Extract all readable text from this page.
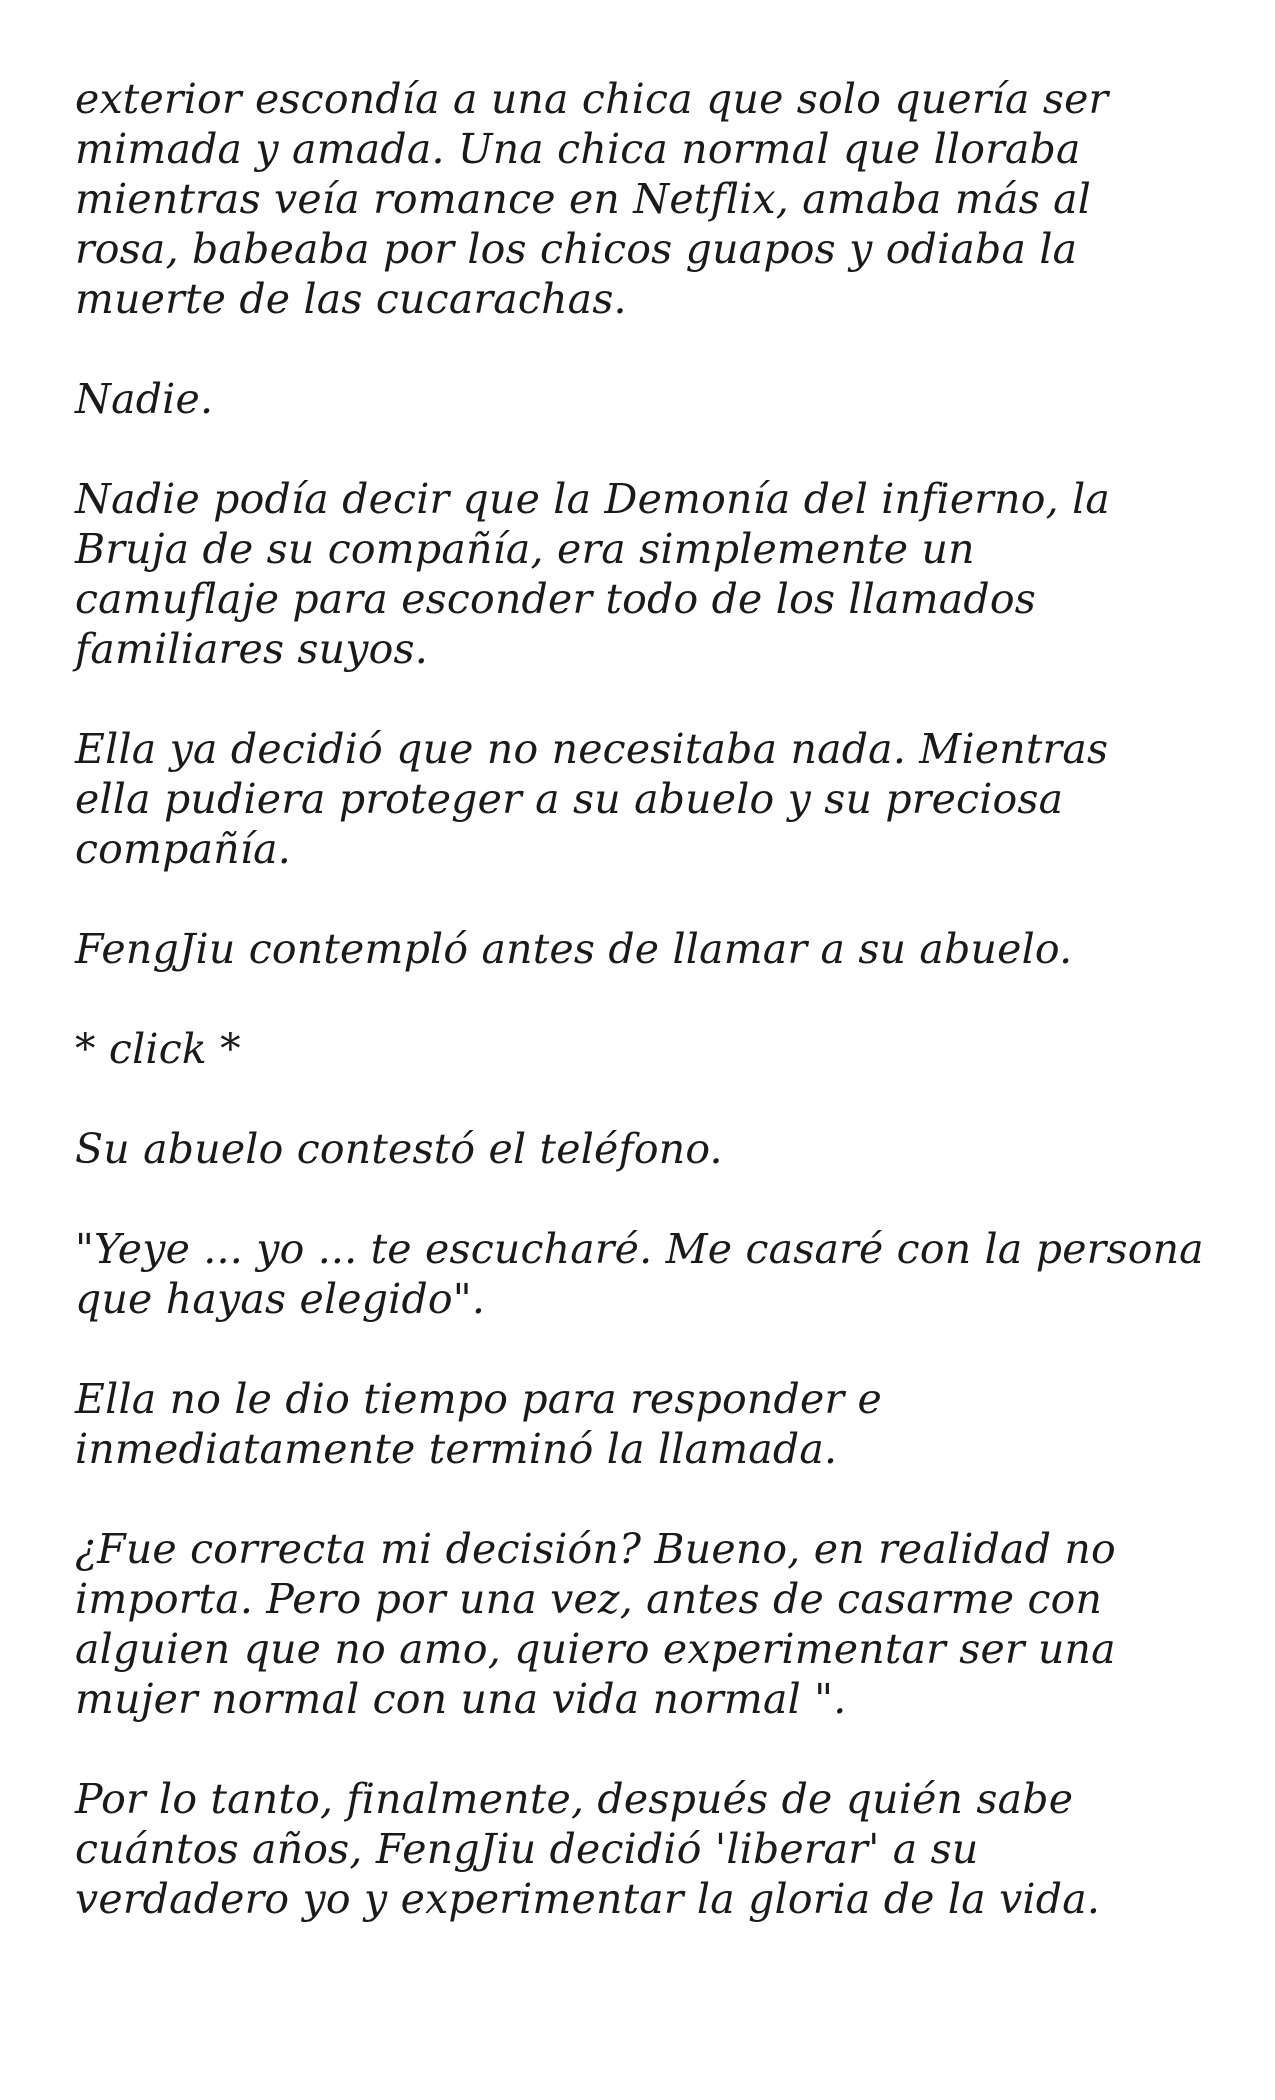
exterior escondía a una chica que solo quería ser
mimada y amada. Una chica normal que lloraba
mientras veía romance en Netflix, amaba más al
rosa, babeaba por los chicos guapos y odiaba la
muerte de las cucarachas.

Nadie.

Nadie podía decir que la Demonía del infierno, la
Bruja de su compañía, era simplemente un
camuflaje para esconder todo de los llamados
familiares suyos.

Ella ya decidió que no necesitaba nada. Mientras
ella pudiera proteger a su abuelo y su preciosa
compañía.

FengJiu contempló antes de llamar a su abuelo.

* click *

Su abuelo contestó el teléfono.

"Yeye ... yo ... te escucharé. Me casaré con la persona
que hayas elegido".

Ella no le dio tiempo para responder e
inmediatamente terminó la llamada.

¿Fue correcta mi decisión? Bueno, en realidad no
importa. Pero por una vez, antes de casarme con
alguien que no amo, quiero experimentar ser una
mujer normal con una vida normal ".

Por lo tanto, finalmente, después de quién sabe
cuántos años, FengJiu decidió 'liberar' a su
verdadero yo y experimentar la gloria de la vida.
